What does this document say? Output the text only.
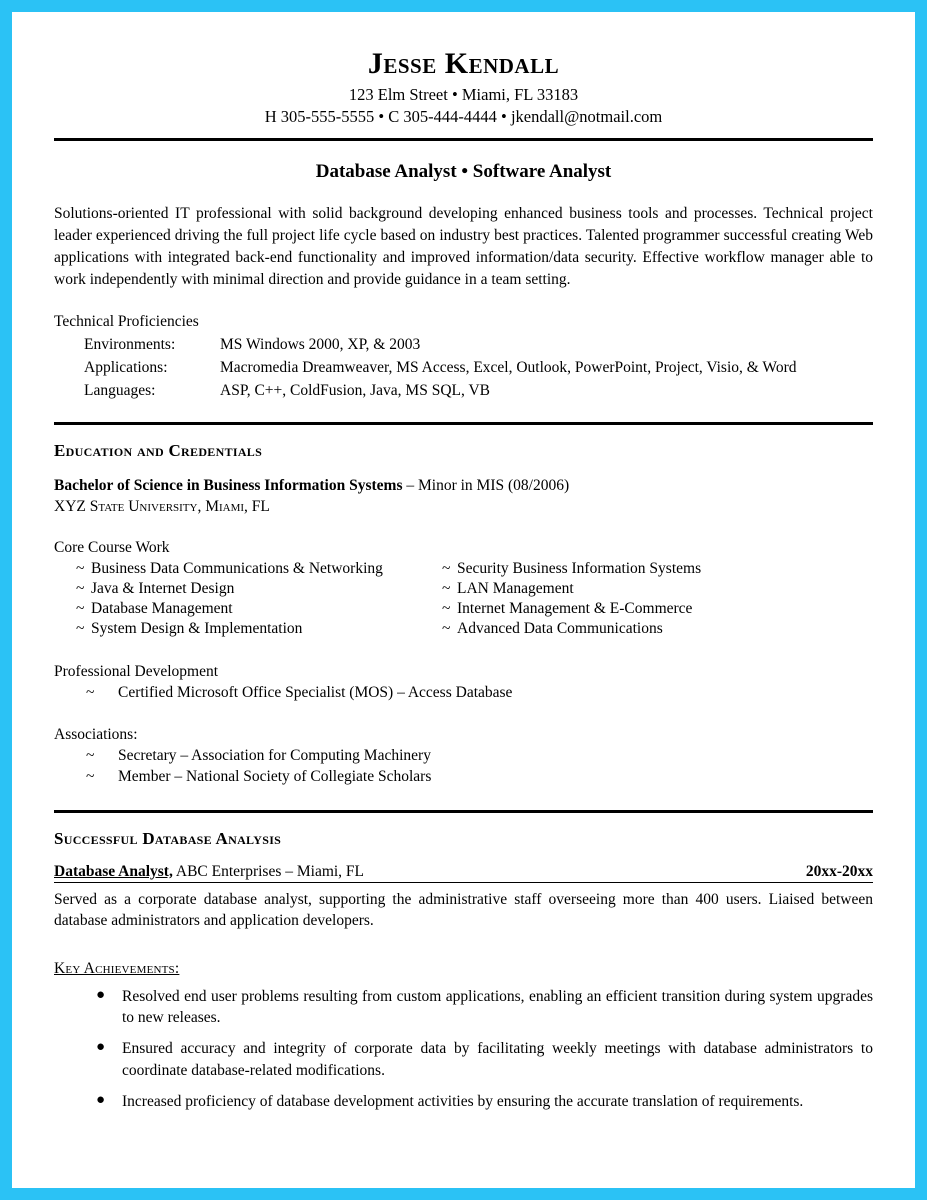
Jesse Kendall
123 Elm Street • Miami, FL 33183
H 305-555-5555 • C 305-444-4444 • jkendall@notmail.com
Database Analyst • Software Analyst

Solutions-oriented IT professional with solid background developing enhanced business tools and processes. Technical project leader experienced driving the full project life cycle based on industry best practices. Talented programmer successful creating Web applications with integrated back-end functionality and improved information/data security. Effective workflow manager able to work independently with minimal direction and provide guidance in a team setting.

Technical Proficiencies
Environments:	MS Windows 2000, XP, & 2003
Applications:	Macromedia Dreamweaver, MS Access, Excel, Outlook, PowerPoint, Project, Visio, & Word
Languages:	ASP, C++, ColdFusion, Java, MS SQL, VB
Education and Credentials
Bachelor of Science in Business Information Systems – Minor in MIS (08/2006)
XYZ State University, Miami, FL
Core Course Work
~ Business Data Communications & Networking
~ Java & Internet Design
~ Database Management
~ System Design & Implementation
~ Security Business Information Systems
~ LAN Management
~ Internet Management & E-Commerce
~ Advanced Data Communications
Professional Development
~ Certified Microsoft Office Specialist (MOS) – Access Database
Associations:
~ Secretary – Association for Computing Machinery
~ Member – National Society of Collegiate Scholars
Successful Database Analysis
Database Analyst, ABC Enterprises – Miami, FL	20xx-20xx

Served as a corporate database analyst, supporting the administrative staff overseeing more than 400 users. Liaised between database administrators and application developers.

Key Achievements:
● Resolved end user problems resulting from custom applications, enabling an efficient transition during system upgrades to new releases.
● Ensured accuracy and integrity of corporate data by facilitating weekly meetings with database administrators to coordinate database-related modifications.
● Increased proficiency of database development activities by ensuring the accurate translation of requirements.
